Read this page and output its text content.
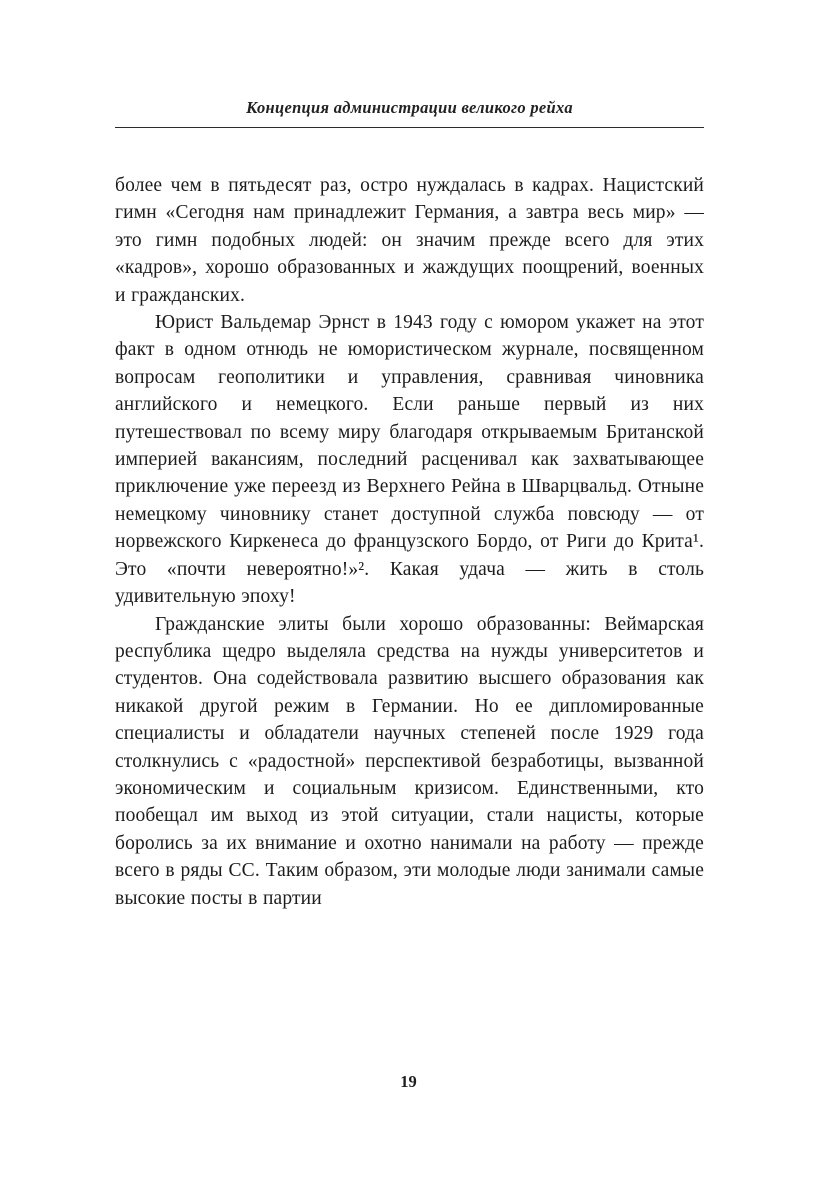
Концепция администрации великого рейха

более чем в пятьдесят раз, остро нуждалась в кадрах. Нацистский гимн «Сегодня нам принадлежит Германия, а завтра весь мир» — это гимн подобных людей: он значим прежде всего для этих «кадров», хорошо образованных и жаждущих поощрений, военных и гражданских.

Юрист Вальдемар Эрнст в 1943 году с юмором укажет на этот факт в одном отнюдь не юмористическом журнале, посвященном вопросам геополитики и управления, сравнивая чиновника английского и немецкого. Если раньше первый из них путешествовал по всему миру благодаря открываемым Британской империей вакансиям, последний расценивал как захватывающее приключение уже переезд из Верхнего Рейна в Шварцвальд. Отныне немецкому чиновнику станет доступной служба повсюду — от норвежского Киркенеса до французского Бордо, от Риги до Крита¹. Это «почти невероятно!»². Какая удача — жить в столь удивительную эпоху!

Гражданские элиты были хорошо образованны: Веймарская республика щедро выделяла средства на нужды университетов и студентов. Она содействовала развитию высшего образования как никакой другой режим в Германии. Но ее дипломированные специалисты и обладатели научных степеней после 1929 года столкнулись с «радостной» перспективой безработицы, вызванной экономическим и социальным кризисом. Единственными, кто пообещал им выход из этой ситуации, стали нацисты, которые боролись за их внимание и охотно нанимали на работу — прежде всего в ряды СС. Таким образом, эти молодые люди занимали самые высокие посты в партии

19
